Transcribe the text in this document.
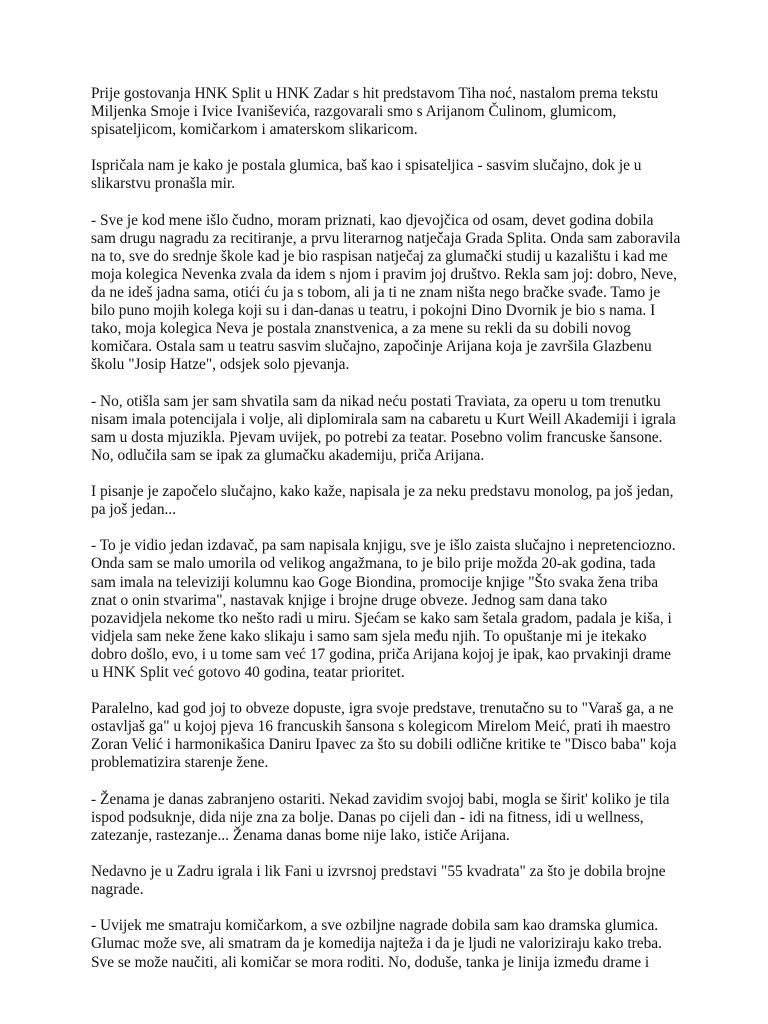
Prije gostovanja HNK Split u HNK Zadar s hit predstavom Tiha noć, nastalom prema tekstu Miljenka Smoje i Ivice Ivaniševića, razgovarali smo s Arijanom Čulinom, glumicom, spisateljicom, komičarkom i amaterskom slikaricom.

Ispričala nam je kako je postala glumica, baš kao i spisateljica - sasvim slučajno, dok je u slikarstvu pronašla mir.

- Sve je kod mene išlo čudno, moram priznati, kao djevojčica od osam, devet godina dobila sam drugu nagradu za recitiranje, a prvu literarnog natječaja Grada Splita. Onda sam zaboravila na to, sve do srednje škole kad je bio raspisan natječaj za glumački studij u kazalištu i kad me moja kolegica Nevenka zvala da idem s njom i pravim joj društvo. Rekla sam joj: dobro, Neve, da ne ideš jadna sama, otići ću ja s tobom, ali ja ti ne znam ništa nego bračke svađe. Tamo je bilo puno mojih kolega koji su i dan-danas u teatru, i pokojni Dino Dvornik je bio s nama. I tako, moja kolegica Neva je postala znanstvenica, a za mene su rekli da su dobili novog komičara. Ostala sam u teatru sasvim slučajno, započinje Arijana koja je završila Glazbenu školu "Josip Hatze", odsjek solo pjevanja.

- No, otišla sam jer sam shvatila sam da nikad neću postati Traviata, za operu u tom trenutku nisam imala potencijala i volje, ali diplomirala sam na cabaretu u Kurt Weill Akademiji i igrala sam u dosta mjuzikla. Pjevam uvijek, po potrebi za teatar. Posebno volim francuske šansone. No, odlučila sam se ipak za glumačku akademiju, priča Arijana.

I pisanje je započelo slučajno, kako kaže, napisala je za neku predstavu monolog, pa još jedan, pa još jedan...

- To je vidio jedan izdavač, pa sam napisala knjigu, sve je išlo zaista slučajno i nepretenciozno. Onda sam se malo umorila od velikog angažmana, to je bilo prije možda 20-ak godina, tada sam imala na televiziji kolumnu kao Goge Biondina, promocije knjige "Što svaka žena triba znat o onin stvarima", nastavak knjige i brojne druge obveze. Jednog sam dana tako pozavidjela nekome tko nešto radi u miru. Sjećam se kako sam šetala gradom, padala je kiša, i vidjela sam neke žene kako slikaju i samo sam sjela među njih. To opuštanje mi je itekako dobro došlo, evo, i u tome sam već 17 godina, priča Arijana kojoj je ipak, kao prvakinji drame u HNK Split već gotovo 40 godina, teatar prioritet.

Paralelno, kad god joj to obveze dopuste, igra svoje predstave, trenutačno su to "Varaš ga, a ne ostavljaš ga" u kojoj pjeva 16 francuskih šansona s kolegicom Mirelom Meić, prati ih maestro Zoran Velić i harmonikašica Daniru Ipavec za što su dobili odlične kritike te "Disco baba" koja problematizira starenje žene.

- Ženama je danas zabranjeno ostariti. Nekad zavidim svojoj babi, mogla se širit' koliko je tila ispod podsuknje, dida nije zna za bolje. Danas po cijeli dan - idi na fitness, idi u wellness, zatezanje, rastezanje... Ženama danas bome nije lako, ističe Arijana.

Nedavno je u Zadru igrala i lik Fani u izvrsnoj predstavi "55 kvadrata" za što je dobila brojne nagrade.

- Uvijek me smatraju komičarkom, a sve ozbiljne nagrade dobila sam kao dramska glumica. Glumac može sve, ali smatram da je komedija najteža i da je ljudi ne valoriziraju kako treba. Sve se može naučiti, ali komičar se mora roditi. No, doduše, tanka je linija između drame i
